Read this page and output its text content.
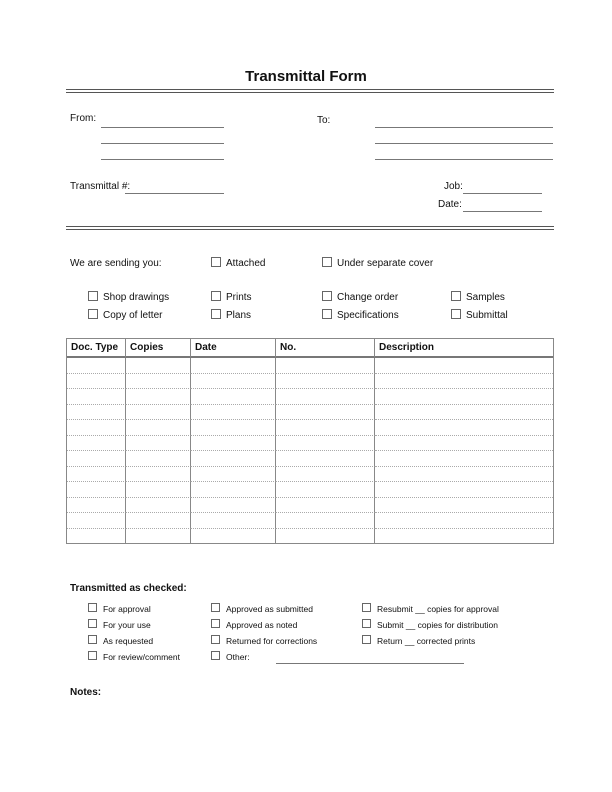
Transmittal Form
From:	To:
Transmittal #:	Job:
Date:
We are sending you:	Attached	Under separate cover
Shop drawings	Prints	Change order	Samples
Copy of letter	Plans	Specifications	Submittal
Doc. Type	Copies	Date	No.	Description

Transmitted as checked:
For approval
For your use
As requested
For review/comment
Approved as submitted
Approved as noted
Returned for corrections
Other:
Resubmit __ copies for approval
Submit __ copies for distribution
Return __ corrected prints
Notes:
